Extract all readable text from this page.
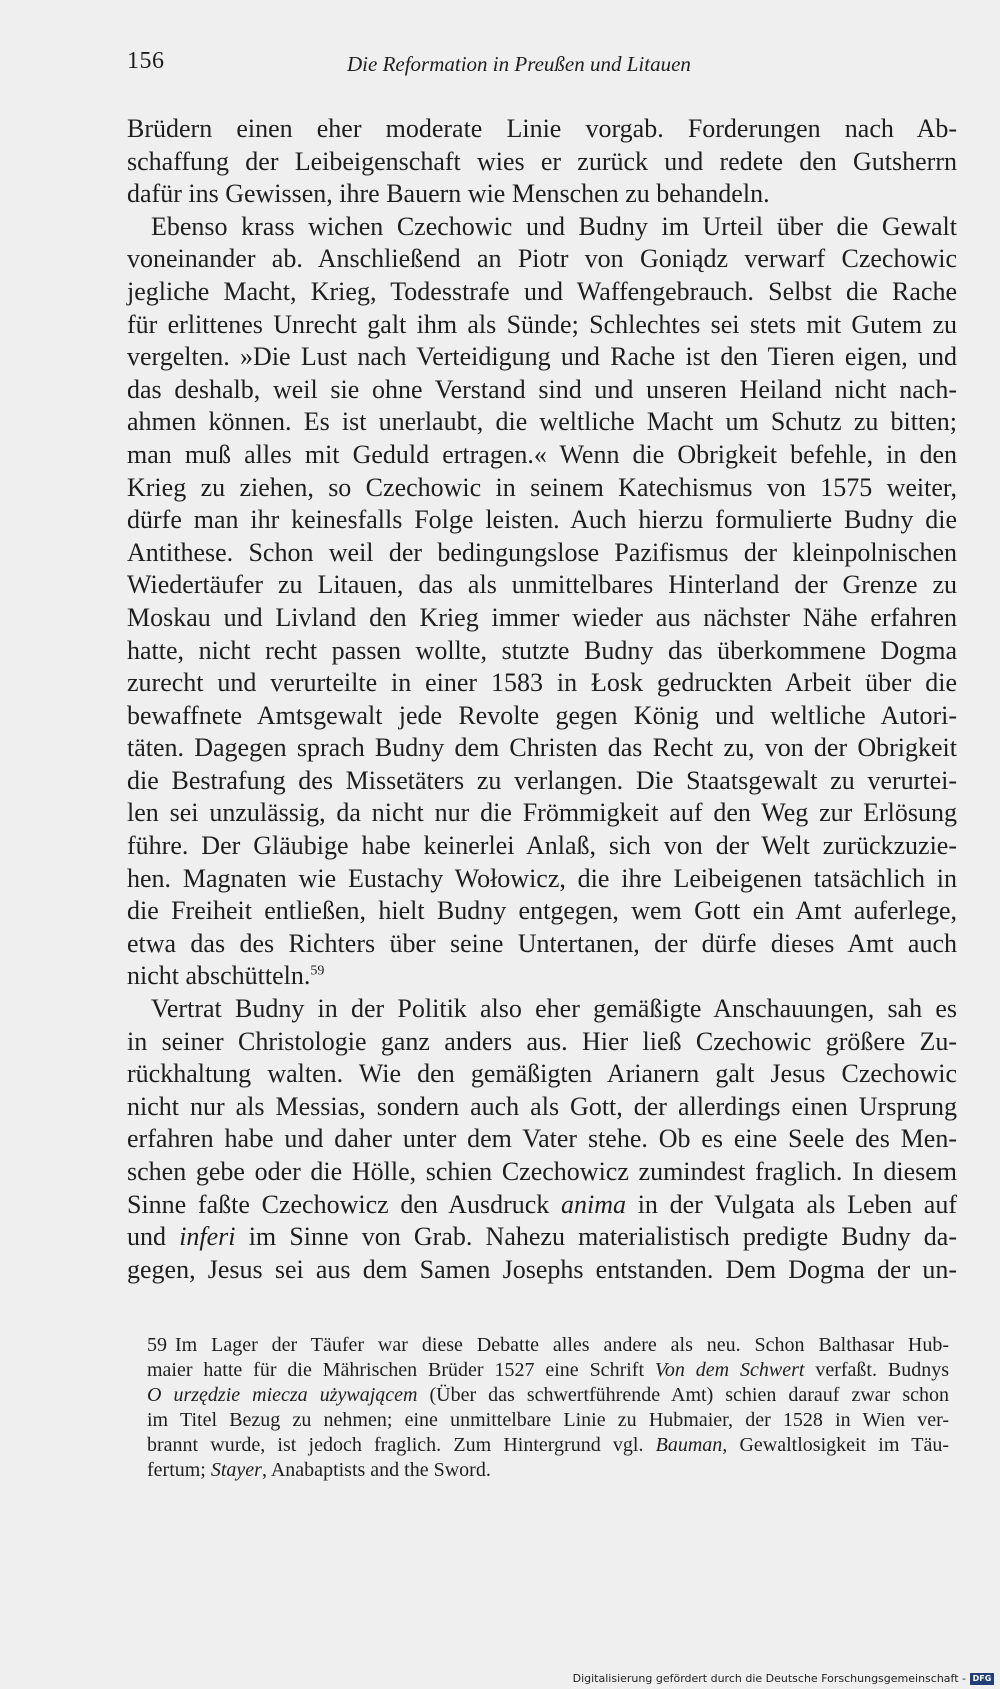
156	Die Reformation in Preußen und Litauen
Brüdern einen eher moderate Linie vorgab. Forderungen nach Ab-
schaffung der Leibeigenschaft wies er zurück und redete den Gutsherrn
dafür ins Gewissen, ihre Bauern wie Menschen zu behandeln.
Ebenso krass wichen Czechowic und Budny im Urteil über die Gewalt
voneinander ab. Anschließend an Piotr von Goniądz verwarf Czechowic
jegliche Macht, Krieg, Todesstrafe und Waffengebrauch. Selbst die Rache
für erlittenes Unrecht galt ihm als Sünde; Schlechtes sei stets mit Gutem zu
vergelten. »Die Lust nach Verteidigung und Rache ist den Tieren eigen, und
das deshalb, weil sie ohne Verstand sind und unseren Heiland nicht nach-
ahmen können. Es ist unerlaubt, die weltliche Macht um Schutz zu bitten;
man muß alles mit Geduld ertragen.« Wenn die Obrigkeit befehle, in den
Krieg zu ziehen, so Czechowic in seinem Katechismus von 1575 weiter,
dürfe man ihr keinesfalls Folge leisten. Auch hierzu formulierte Budny die
Antithese. Schon weil der bedingungslose Pazifismus der kleinpolnischen
Wiedertäufer zu Litauen, das als unmittelbares Hinterland der Grenze zu
Moskau und Livland den Krieg immer wieder aus nächster Nähe erfahren
hatte, nicht recht passen wollte, stutzte Budny das überkommene Dogma
zurecht und verurteilte in einer 1583 in Łosk gedruckten Arbeit über die
bewaffnete Amtsgewalt jede Revolte gegen König und weltliche Autori-
täten. Dagegen sprach Budny dem Christen das Recht zu, von der Obrigkeit
die Bestrafung des Missetäters zu verlangen. Die Staatsgewalt zu verurtei-
len sei unzulässig, da nicht nur die Frömmigkeit auf den Weg zur Erlösung
führe. Der Gläubige habe keinerlei Anlaß, sich von der Welt zurückzuzie-
hen. Magnaten wie Eustachy Wołowicz, die ihre Leibeigenen tatsächlich in
die Freiheit entließen, hielt Budny entgegen, wem Gott ein Amt auferlege,
etwa das des Richters über seine Untertanen, der dürfe dieses Amt auch
nicht abschütteln.$^{59}$
Vertrat Budny in der Politik also eher gemäßigte Anschauungen, sah es
in seiner Christologie ganz anders aus. Hier ließ Czechowic größere Zu-
rückhaltung walten. Wie den gemäßigten Arianern galt Jesus Czechowic
nicht nur als Messias, sondern auch als Gott, der allerdings einen Ursprung
erfahren habe und daher unter dem Vater stehe. Ob es eine Seele des Men-
schen gebe oder die Hölle, schien Czechowicz zumindest fraglich. In diesem
Sinne faßte Czechowicz den Ausdruck anima in der Vulgata als Leben auf
und inferi im Sinne von Grab. Nahezu materialistisch predigte Budny da-
gegen, Jesus sei aus dem Samen Josephs entstanden. Dem Dogma der un-
59 Im Lager der Täufer war diese Debatte alles andere als neu. Schon Balthasar Hub-
maier hatte für die Mährischen Brüder 1527 eine Schrift Von dem Schwert verfaßt. Budnys
O urzędzie miecza używającem (Über das schwertführende Amt) schien darauf zwar schon
im Titel Bezug zu nehmen; eine unmittelbare Linie zu Hubmaier, der 1528 in Wien ver-
brannt wurde, ist jedoch fraglich. Zum Hintergrund vgl. Bauman, Gewaltlosigkeit im Täu-
fertum; Stayer, Anabaptists and the Sword.
Digitalisierung gefördert durch die Deutsche Forschungsgemeinschaft - DFG
